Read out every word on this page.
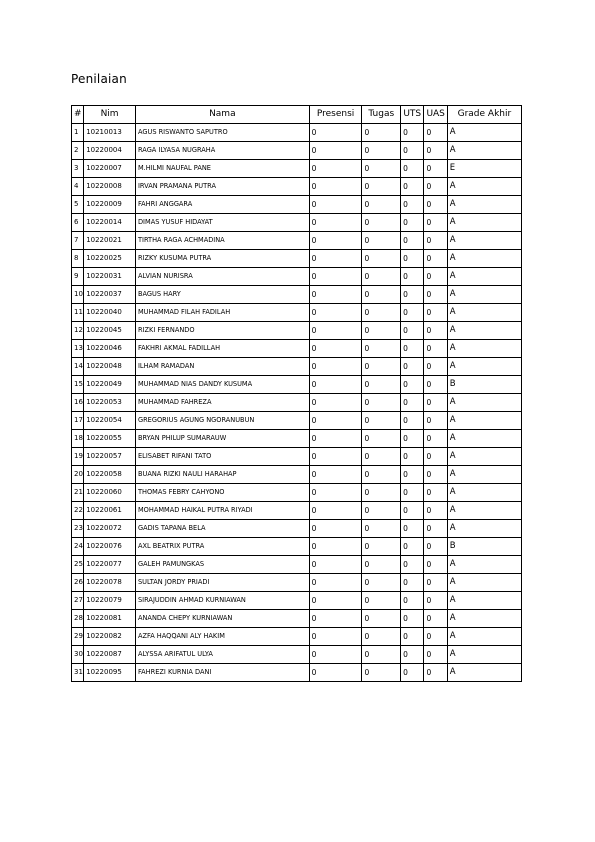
Penilaian
#	Nim	Nama	Presensi	Tugas	UTS	UAS	Grade Akhir
1	10210013	AGUS RISWANTO SAPUTRO	0	0	0	0	A
2	10220004	RAGA ILYASA NUGRAHA	0	0	0	0	A
3	10220007	M.HILMI NAUFAL PANE	0	0	0	0	E
4	10220008	IRVAN PRAMANA PUTRA	0	0	0	0	A
5	10220009	FAHRI ANGGARA	0	0	0	0	A
6	10220014	DIMAS YUSUF HIDAYAT	0	0	0	0	A
7	10220021	TIRTHA RAGA ACHMADINA	0	0	0	0	A
8	10220025	RIZKY KUSUMA PUTRA	0	0	0	0	A
9	10220031	ALVIAN NURISRA	0	0	0	0	A
10	10220037	BAGUS HARY	0	0	0	0	A
11	10220040	MUHAMMAD FILAH FADILAH	0	0	0	0	A
12	10220045	RIZKI FERNANDO	0	0	0	0	A
13	10220046	FAKHRI AKMAL FADILLAH	0	0	0	0	A
14	10220048	ILHAM RAMADAN	0	0	0	0	A
15	10220049	MUHAMMAD NIAS DANDY KUSUMA	0	0	0	0	B
16	10220053	MUHAMMAD FAHREZA	0	0	0	0	A
17	10220054	GREGORIUS AGUNG NGORANUBUN	0	0	0	0	A
18	10220055	BRYAN PHILUP SUMARAUW	0	0	0	0	A
19	10220057	ELISABET RIFANI TATO	0	0	0	0	A
20	10220058	BUANA RIZKI NAULI HARAHAP	0	0	0	0	A
21	10220060	THOMAS FEBRY CAHYONO	0	0	0	0	A
22	10220061	MOHAMMAD HAIKAL PUTRA RIYADI	0	0	0	0	A
23	10220072	GADIS TAPANA BELA	0	0	0	0	A
24	10220076	AXL BEATRIX PUTRA	0	0	0	0	B
25	10220077	GALEH PAMUNGKAS	0	0	0	0	A
26	10220078	SULTAN JORDY PRIADI	0	0	0	0	A
27	10220079	SIRAJUDDIN AHMAD KURNIAWAN	0	0	0	0	A
28	10220081	ANANDA CHEPY KURNIAWAN	0	0	0	0	A
29	10220082	AZFA HAQQANI ALY HAKIM	0	0	0	0	A
30	10220087	ALYSSA ARIFATUL ULYA	0	0	0	0	A
31	10220095	FAHREZI KURNIA DANI	0	0	0	0	A
